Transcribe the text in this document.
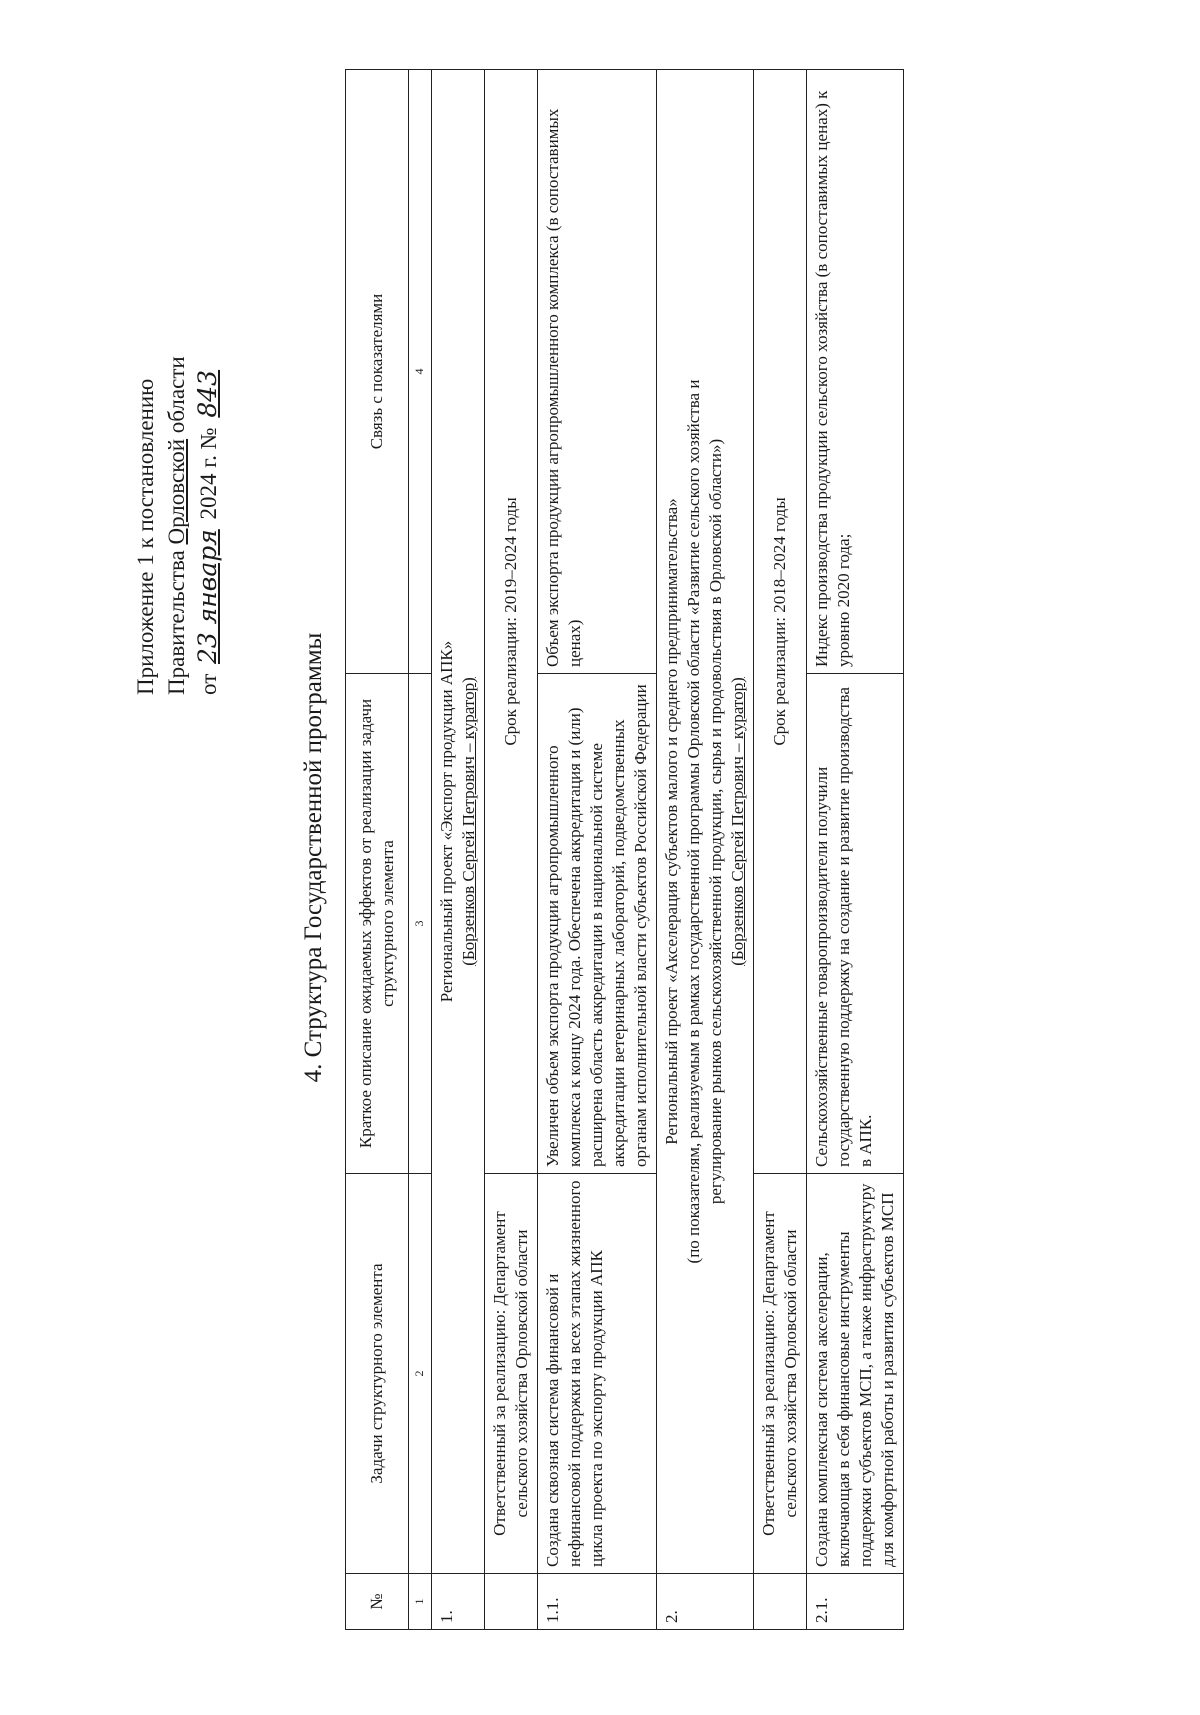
Приложение 1 к постановлению Правительства Орловской области
от 23 января 2024 г. № 843
4. Структура Государственной программы
№	Задачи структурного элемента	Краткое описание ожидаемых эффектов от реализации задачи структурного элемента	Связь с показателями
1	2	3	4
1.	Региональный проект «Экспорт продукции АПК» (Борзенков Сергей Петрович – куратор)		

	Ответственный за реализацию: Департамент сельского хозяйства Орловской области	Срок реализации: 2019–2024 годы	
1.1.	Создана сквозная система финансовой и нефинансовой поддержки на всех этапах жизненного цикла проекта по экспорту продукции АПК	Увеличен объем экспорта продукции агропромышленного комплекса к концу 2024 года. Обеспечена аккредитация и (или) расширена область аккредитации в национальной системе аккредитации ветеринарных лабораторий, подведомственных органам исполнительной власти субъектов Российской Федерации	Объем экспорта продукции агропромышленного комплекса (в сопоставимых ценах)
2.	Региональный проект «Акселерация субъектов малого и среднего предпринимательства» (по показателям, реализуемым в рамках государственной программы Орловской области «Развитие сельского хозяйства и регулирование рынков сельскохозяйственной продукции, сырья и продовольствия в Орловской области») (Борзенков Сергей Петрович – куратор)		

	Ответственный за реализацию: Департамент сельского хозяйства Орловской области	Срок реализации: 2018–2024 годы	
2.1.	Создана комплексная система акселерации, включающая в себя финансовые инструменты поддержки субъектов МСП, а также инфраструктуру для комфортной работы и развития субъектов МСП	Сельскохозяйственные товаропроизводители получили государственную поддержку на создание и развитие производства в АПК.	Индекс производства продукции сельского хозяйства (в сопоставимых ценах) к уровню 2020 года;
